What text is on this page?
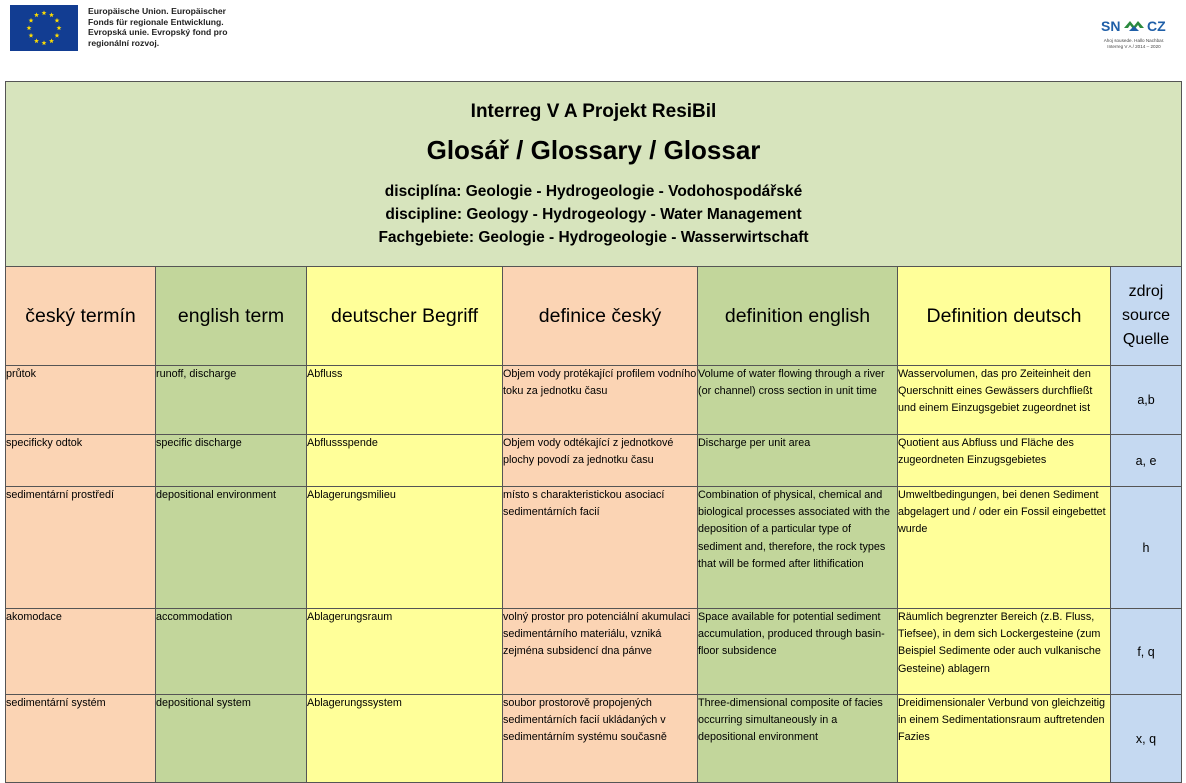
Europäische Union. Europäischer
Fonds für regionale Entwicklung.
Evropská unie. Evropský fond pro
regionální rozvoj.
SN CZ
Ahoj sousede. Hallo Nachbar.
Interreg V A / 2014 – 2020
Interreg V A Projekt ResiBil
Glosář / Glossary / Glossar
disciplína: Geologie - Hydrogeologie - Vodohospodářské
discipline: Geology - Hydrogeology - Water Management
Fachgebiete: Geologie - Hydrogeologie - Wasserwirtschaft						

český termín	english term	deutscher Begriff	definice český	definition english	Definition deutsch	zdroj
source
Quelle

průtok	runoff, discharge	Abfluss	Objem vody protékající profilem vodního toku za jednotku času	Volume of water flowing through a river (or channel) cross section in unit time	Wasservolumen, das pro Zeiteinheit den Querschnitt eines Gewässers durchfließt und einem Einzugsgebiet zugeordnet ist	a,b
specificky odtok	specific discharge	Abflussspende	Objem vody odtékající z jednotkové plochy povodí za jednotku času	Discharge per unit area	Quotient aus Abfluss und Fläche des zugeordneten Einzugsgebietes	a, e
sedimentární prostředí	depositional environment	Ablagerungsmilieu	místo s charakteristickou asociací sedimentárních facií	Combination of physical, chemical and biological processes associated with the deposition of a particular type of sediment and, therefore, the rock types that will be formed after lithification	Umweltbedingungen, bei denen Sediment abgelagert und / oder ein Fossil eingebettet wurde	h
akomodace	accommodation	Ablagerungsraum	volný prostor pro potenciální akumulaci sedimentárního materiálu, vzniká zejména subsidencí dna pánve	Space available for potential sediment accumulation, produced through basin-floor subsidence	Räumlich begrenzter Bereich (z.B. Fluss, Tiefsee), in dem sich Lockergesteine (zum Beispiel Sedimente oder auch vulkanische Gesteine) ablagern	f, q
sedimentární systém	depositional system	Ablagerungssystem	soubor prostorově propojených sedimentárních facií ukládaných v sedimentárním systému současně	Three-dimensional composite of facies occurring simultaneously in a depositional environment	Dreidimensionaler Verbund von gleichzeitig in einem Sedimentationsraum auftretenden Fazies	x, q
